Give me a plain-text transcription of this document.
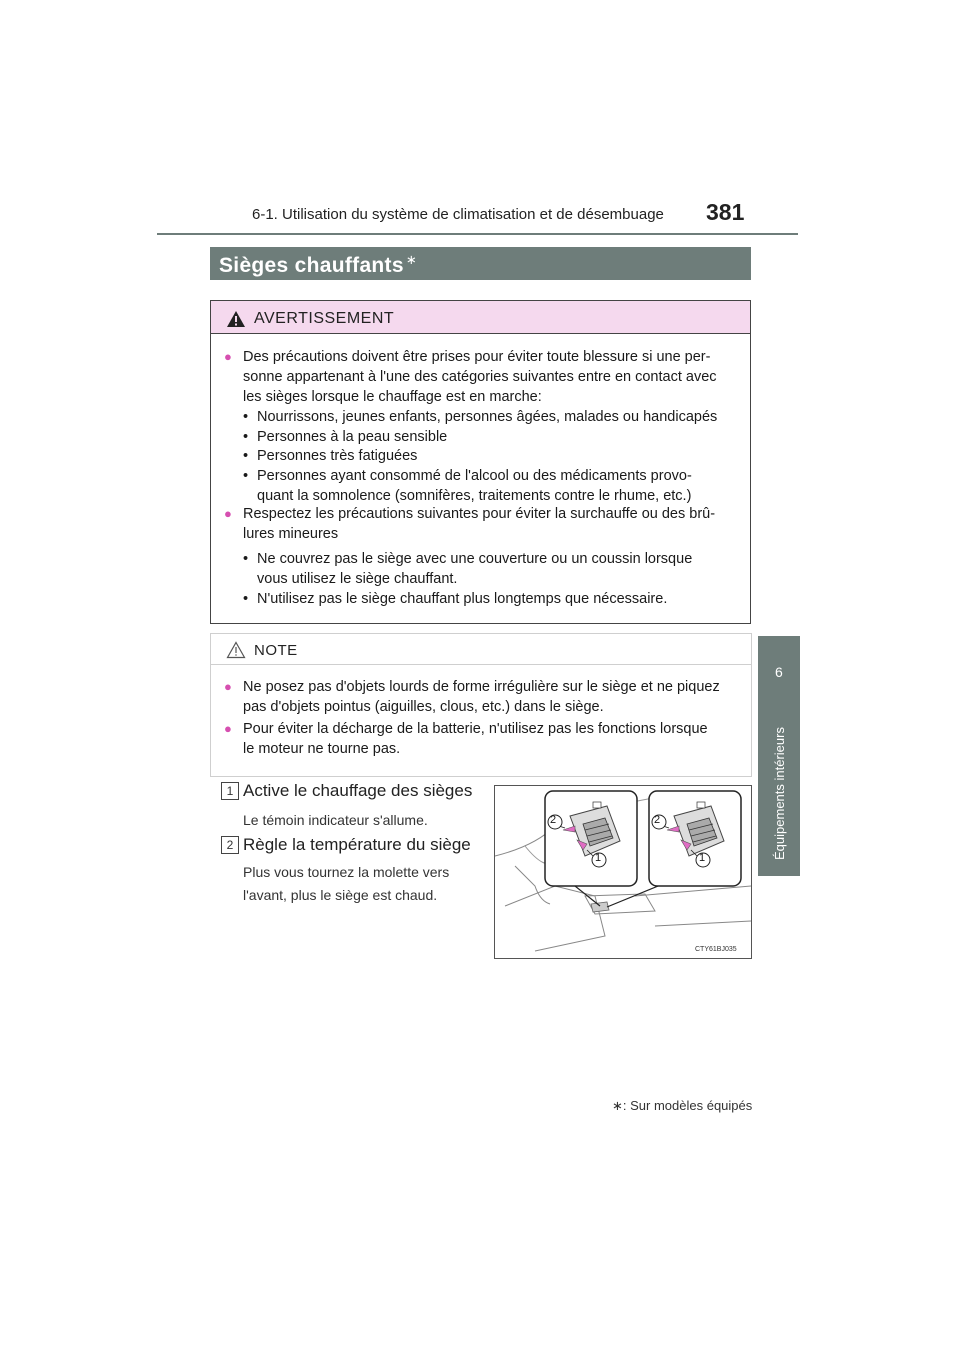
6-1. Utilisation du système de climatisation et de désembuage 381
6
Équipements intérieurs
Sièges chauffants ∗
AVERTISSEMENT
● Des précautions doivent être prises pour éviter toute blessure si une per-
sonne appartenant à l'une des catégories suivantes entre en contact avec
les sièges lorsque le chauffage est en marche:
• Nourrissons, jeunes enfants, personnes âgées, malades ou handicapés
• Personnes à la peau sensible
• Personnes très fatiguées
• Personnes ayant consommé de l'alcool ou des médicaments provo-
quant la somnolence (somnifères, traitements contre le rhume, etc.)
● Respectez les précautions suivantes pour éviter la surchauffe ou des brû-
lures mineures
• Ne couvrez pas le siège avec une couverture ou un coussin lorsque
vous utilisez le siège chauffant.
• N'utilisez pas le siège chauffant plus longtemps que nécessaire.
NOTE
● Ne posez pas d'objets lourds de forme irrégulière sur le siège et ne piquez
pas d'objets pointus (aiguilles, clous, etc.) dans le siège.
● Pour éviter la décharge de la batterie, n'utilisez pas les fonctions lorsque
le moteur ne tourne pas.
1 Active le chauffage des sièges
Le témoin indicateur s'allume.
2 Règle la température du siège
Plus vous tournez la molette vers
l'avant, plus le siège est chaud.
2
1
2
1
CTY61BJ035
∗: Sur modèles équipés
